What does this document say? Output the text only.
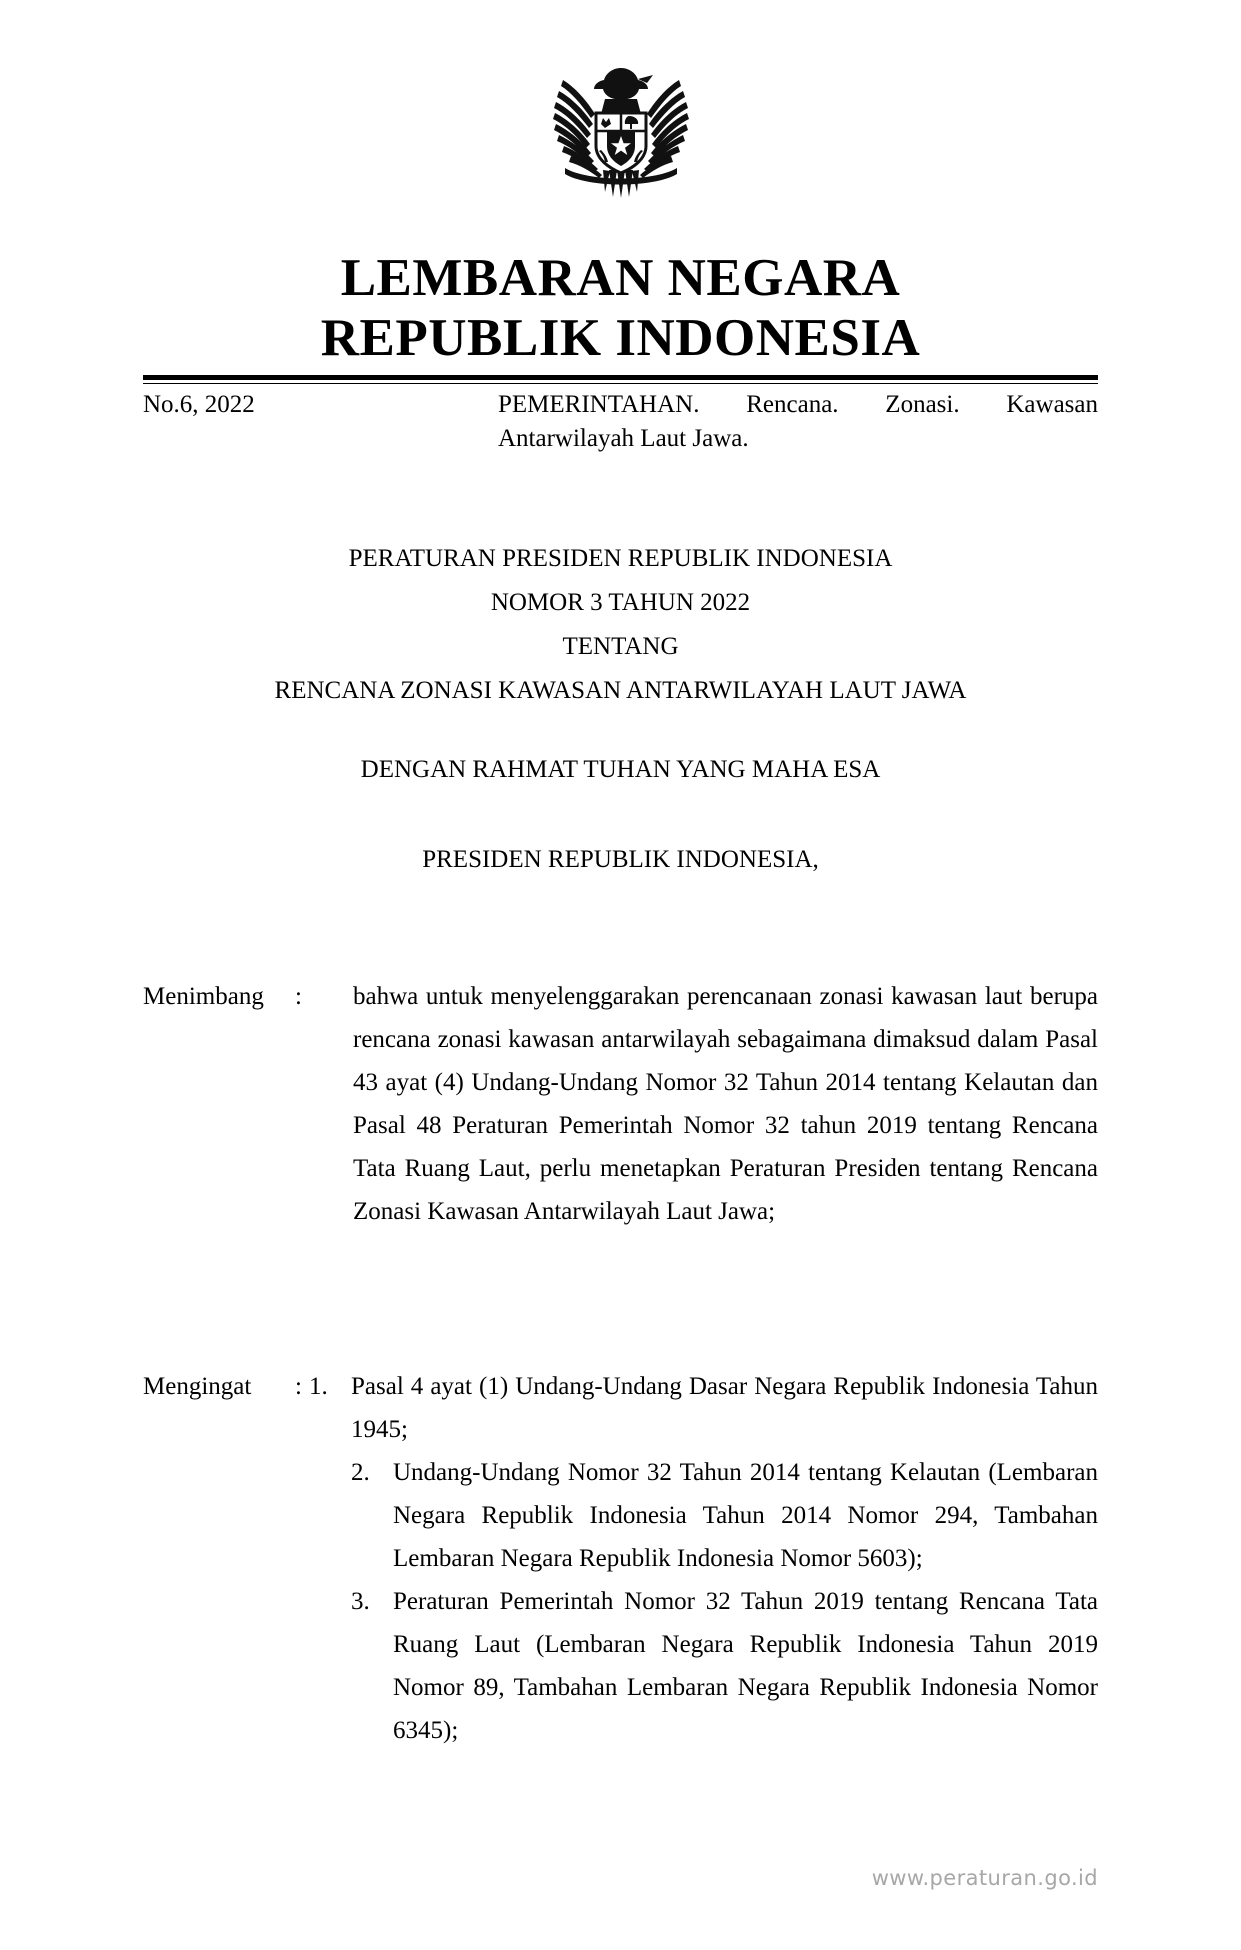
LEMBARAN NEGARA
REPUBLIK INDONESIA
No.6, 2022	PEMERINTAHAN. Rencana. Zonasi. Kawasan Antarwilayah Laut Jawa.
PERATURAN PRESIDEN REPUBLIK INDONESIA
NOMOR 3 TAHUN 2022
TENTANG
RENCANA ZONASI KAWASAN ANTARWILAYAH LAUT JAWA
DENGAN RAHMAT TUHAN YANG MAHA ESA
PRESIDEN REPUBLIK INDONESIA,
Menimbang	:	bahwa untuk menyelenggarakan perencanaan zonasi kawasan laut berupa rencana zonasi kawasan antarwilayah sebagaimana dimaksud dalam Pasal 43 ayat (4) Undang-Undang Nomor 32 Tahun 2014 tentang Kelautan dan Pasal 48 Peraturan Pemerintah Nomor 32 tahun 2019 tentang Rencana Tata Ruang Laut, perlu menetapkan Peraturan Presiden tentang Rencana Zonasi Kawasan Antarwilayah Laut Jawa;
Mengingat	: 1. Pasal 4 ayat (1) Undang-Undang Dasar Negara Republik Indonesia Tahun 1945;
2. Undang-Undang Nomor 32 Tahun 2014 tentang Kelautan (Lembaran Negara Republik Indonesia Tahun 2014 Nomor 294, Tambahan Lembaran Negara Republik Indonesia Nomor 5603);
3. Peraturan Pemerintah Nomor 32 Tahun 2019 tentang Rencana Tata Ruang Laut (Lembaran Negara Republik Indonesia Tahun 2019 Nomor 89, Tambahan Lembaran Negara Republik Indonesia Nomor 6345);
www.peraturan.go.id
